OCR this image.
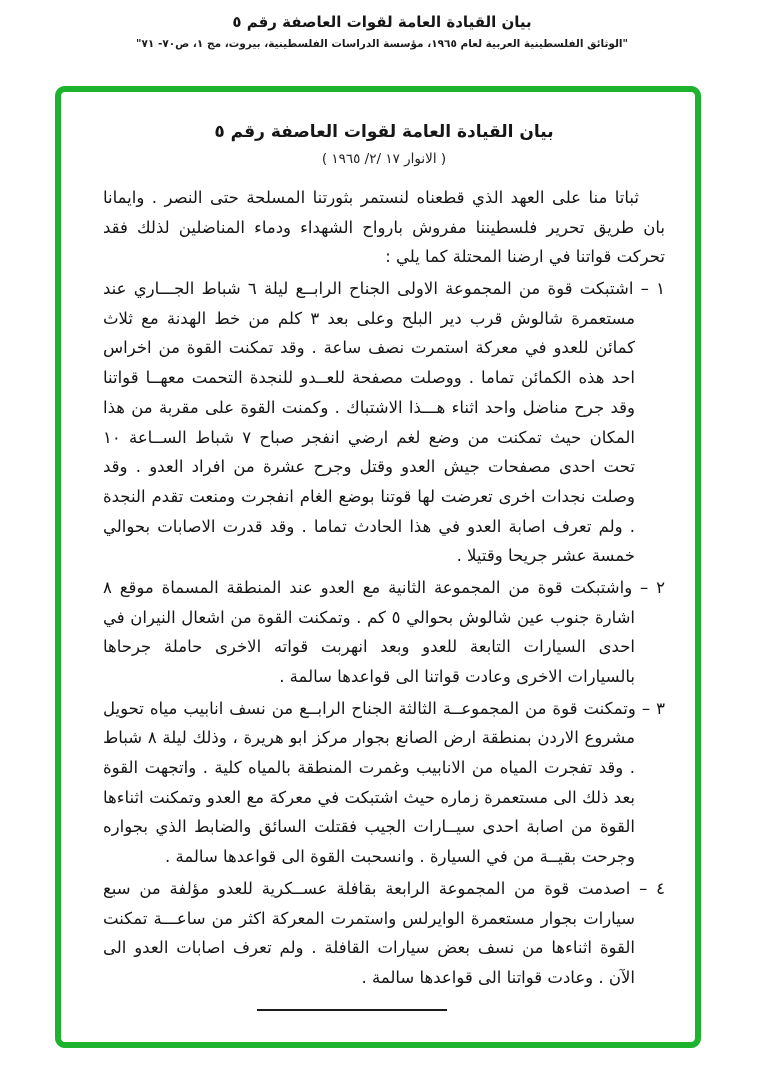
بيان القيادة العامة لقوات العاصفة رقم ٥
"الوثائق الفلسطينية العربية لعام ١٩٦٥، مؤسسة الدراسات الفلسطينية، بيروت، مج ١، ص٧٠- ٧١"

بيان القيادة العامة لقوات العاصفة رقم ٥

( الانوار ١٧ /٢/ ١٩٦٥ )

ثباتا منا على العهد الذي قطعناه لنستمر بثورتنا المسلحة حتى النصر . وايمانا بان طريق تحرير فلسطيننا مفروش بارواح الشهداء ودماء المناضلين لذلك فقد تحركت قواتنا في ارضنا المحتلة كما يلي :

١ – اشتبكت قوة من المجموعة الاولى الجناح الرابــع ليلة ٦ شباط الجـــاري عند مستعمرة شالوش قرب دير البلح وعلى بعد ٣ كلم من خط الهدنة مع ثلاث كمائن للعدو في معركة استمرت نصف ساعة . وقد تمكنت القوة من اخراس احد هذه الكمائن تماما . ووصلت مصفحة للعــدو للنجدة التحمت معهــا قواتنا وقد جرح مناضل واحد اثناء هـــذا الاشتباك . وكمنت القوة على مقربة من هذا المكان حيث تمكنت من وضع لغم ارضي انفجر صباح ٧ شباط الســاعة ١٠ تحت احدى مصفحات جيش العدو وقتل وجرح عشرة من افراد العدو . وقد وصلت نجدات اخرى تعرضت لها قوتنا بوضع الغام انفجرت ومنعت تقدم النجدة . ولم تعرف اصابة العدو في هذا الحادث تماما . وقد قدرت الاصابات بحوالي خمسة عشر جريحا وقتيلا .

٢ – واشتبكت قوة من المجموعة الثانية مع العدو عند المنطقة المسماة موقع ٨ اشارة جنوب عين شالوش بحوالي ٥ كم . وتمكنت القوة من اشعال النيران في احدى السيارات التابعة للعدو وبعد انهربت قواته الاخرى حاملة جرحاها بالسيارات الاخرى وعادت قواتنا الى قواعدها سالمة .

٣ – وتمكنت قوة من المجموعــة الثالثة الجناح الرابــع من نسف انابيب مياه تحويل مشروع الاردن بمنطقة ارض الصانع بجوار مركز ابو هريرة ، وذلك ليلة ٨ شباط . وقد تفجرت المياه من الانابيب وغمرت المنطقة بالمياه كلية . واتجهت القوة بعد ذلك الى مستعمرة زماره حيث اشتبكت في معركة مع العدو وتمكنت اثناءها القوة من اصابة احدى سيــارات الجيب فقتلت السائق والضابط الذي بجواره وجرحت بقيــة من في السيارة . وانسحبت القوة الى قواعدها سالمة .

٤ – اصدمت قوة من المجموعة الرابعة بقافلة عســكرية للعدو مؤلفة من سبع سيارات بجوار مستعمرة الوايرلس واستمرت المعركة اكثر من ساعـــة تمكنت القوة اثناءها من نسف بعض سيارات القافلة . ولم تعرف اصابات العدو الى الآن . وعادت قواتنا الى قواعدها سالمة .
